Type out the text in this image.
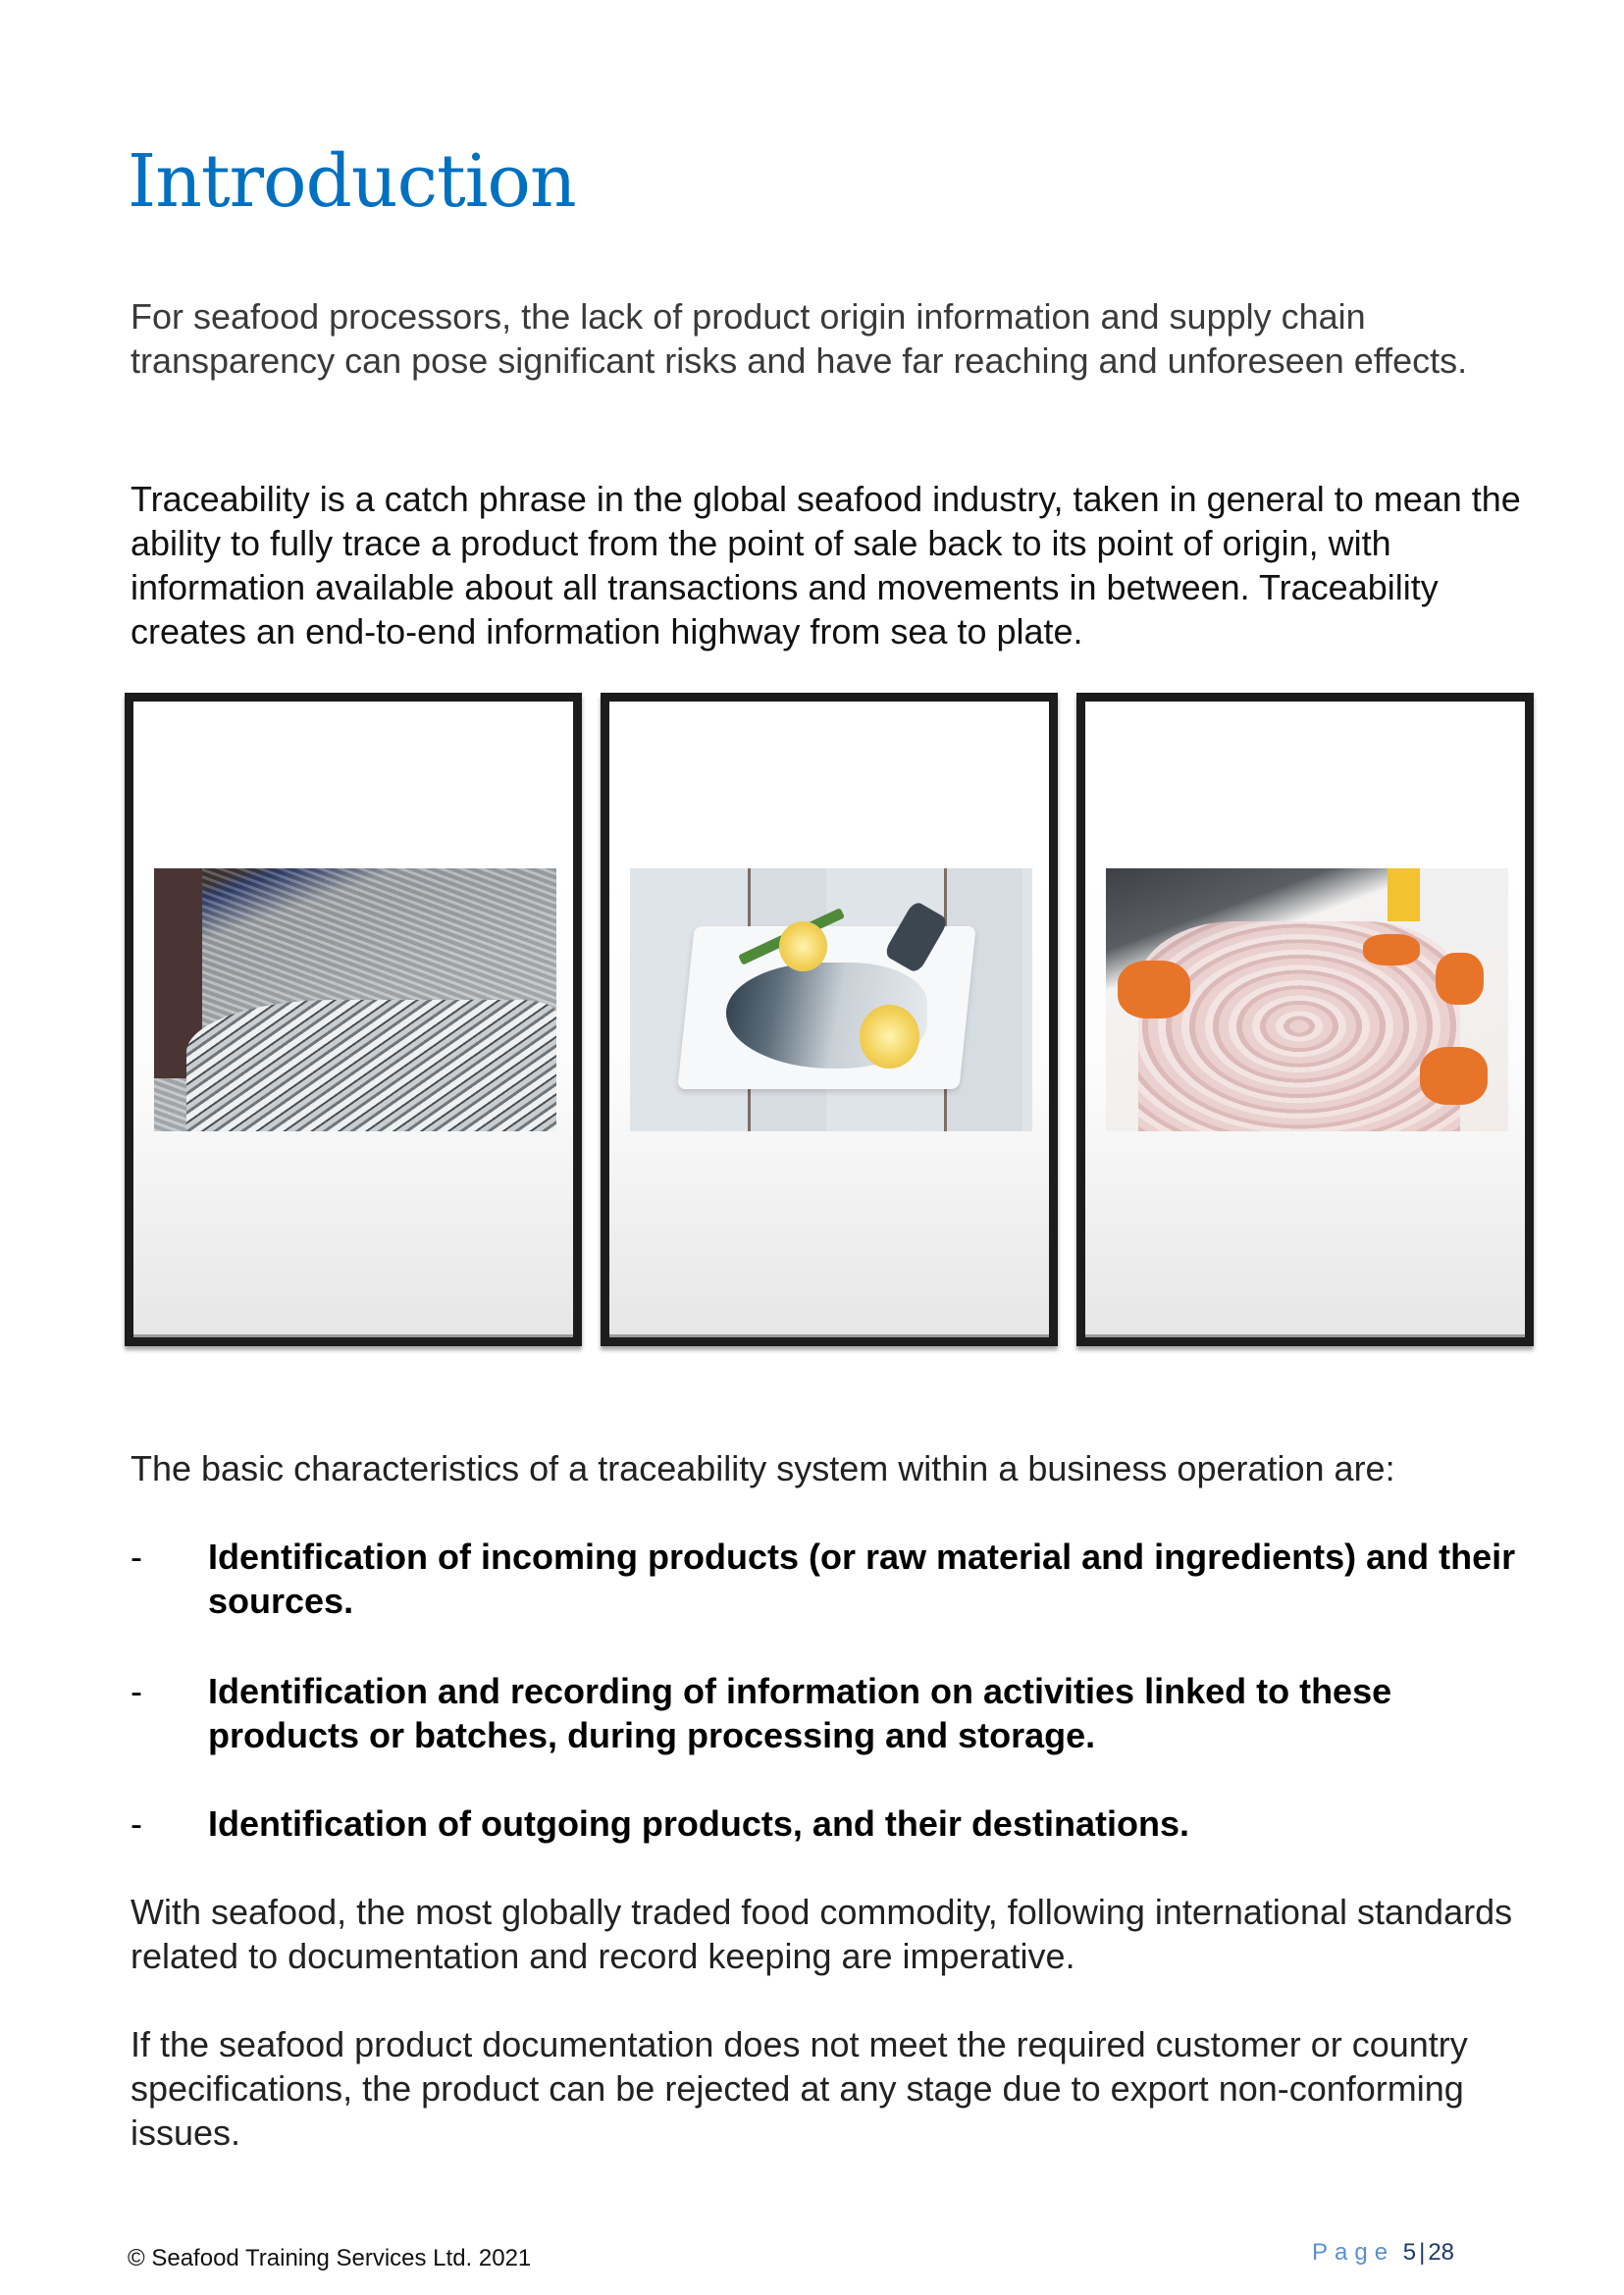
Introduction

For seafood processors, the lack of product origin information and supply chain transparency can pose significant risks and have far reaching and unforeseen effects.

Traceability is a catch phrase in the global seafood industry, taken in general to mean the ability to fully trace a product from the point of sale back to its point of origin, with information available about all transactions and movements in between. Traceability creates an end-to-end information highway from sea to plate.

The basic characteristics of a traceability system within a business operation are:

- Identification of incoming products (or raw material and ingredients) and their sources.
- Identification and recording of information on activities linked to these products or batches, during processing and storage.
- Identification of outgoing products, and their destinations.

With seafood, the most globally traded food commodity, following international standards related to documentation and record keeping are imperative.

If the seafood product documentation does not meet the required customer or country specifications, the product can be rejected at any stage due to export non-conforming issues.

© Seafood Training Services Ltd. 2021	Page 5 | 28
